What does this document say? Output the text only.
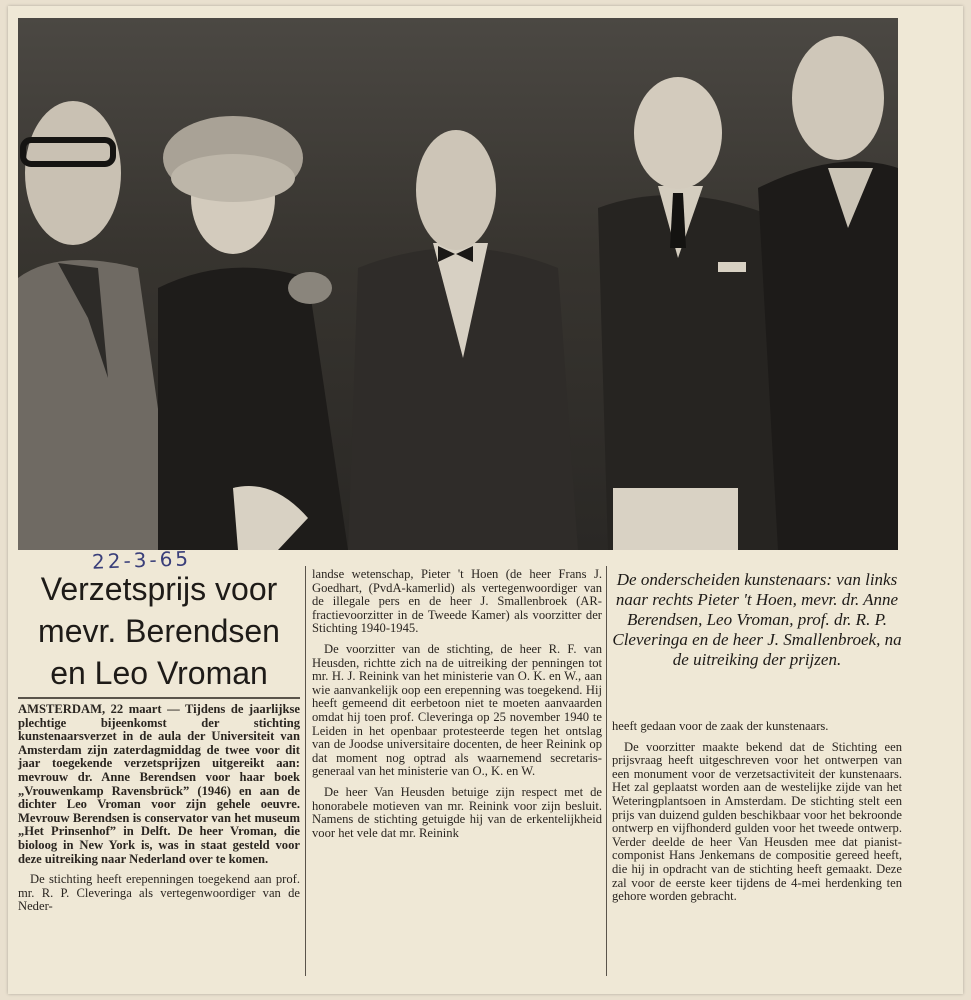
22-3-65
Verzetsprijs voor
mevr. Berendsen
en Leo Vroman

AMSTERDAM, 22 maart — Tijdens de jaarlijkse plechtige bijeenkomst der stichting kunstenaarsverzet in de aula der Universiteit van Amsterdam zijn zaterdagmiddag de twee voor dit jaar toegekende verzetsprijzen uitgereikt aan: mevrouw dr. Anne Berendsen voor haar boek „Vrouwenkamp Ravensbrück” (1946) en aan de dichter Leo Vroman voor zijn gehele oeuvre. Mevrouw Berendsen is conservator van het museum „Het Prinsenhof” in Delft. De heer Vroman, die bioloog in New York is, was in staat gesteld voor deze uitreiking naar Nederland over te komen.

De stichting heeft erepenningen toegekend aan prof. mr. R. P. Cleveringa als vertegenwoordiger van de Neder-

landse wetenschap, Pieter 't Hoen (de heer Frans J. Goedhart, (PvdA-kamerlid) als vertegenwoordiger van de illegale pers en de heer J. Smallenbroek (AR-fractievoorzitter in de Tweede Kamer) als voorzitter der Stichting 1940-1945.

De voorzitter van de stichting, de heer R. F. van Heusden, richtte zich na de uitreiking der penningen tot mr. H. J. Reinink van het ministerie van O. K. en W., aan wie aanvankelijk oop een erepenning was toegekend. Hij heeft gemeend dit eerbetoon niet te moeten aanvaarden omdat hij toen prof. Cleveringa op 25 november 1940 te Leiden in het openbaar protesteerde tegen het ontslag van de Joodse universitaire docenten, de heer Reinink op dat moment nog optrad als waarnemend secretaris-generaal van het ministerie van O., K. en W.

De heer Van Heusden betuige zijn respect met de honorabele motieven van mr. Reinink voor zijn besluit. Namens de stichting getuigde hij van de erkentelijkheid voor het vele dat mr. Reinink

De onderscheiden kunstenaars: van links naar rechts Pieter 't Hoen, mevr. dr. Anne Berendsen, Leo Vroman, prof. dr. R. P. Cleveringa en de heer J. Smallenbroek, na de uitreiking der prijzen.

heeft gedaan voor de zaak der kunstenaars.

De voorzitter maakte bekend dat de Stichting een prijsvraag heeft uitgeschreven voor het ontwerpen van een monument voor de verzetsactiviteit der kunstenaars. Het zal geplaatst worden aan de westelijke zijde van het Weteringplantsoen in Amsterdam. De stichting stelt een prijs van duizend gulden beschikbaar voor het bekroonde ontwerp en vijfhonderd gulden voor het tweede ontwerp. Verder deelde de heer Van Heusden mee dat pianist-componist Hans Jenkemans de compositie gereed heeft, die hij in opdracht van de stichting heeft gemaakt. Deze zal voor de eerste keer tijdens de 4-mei herdenking ten gehore worden gebracht.
